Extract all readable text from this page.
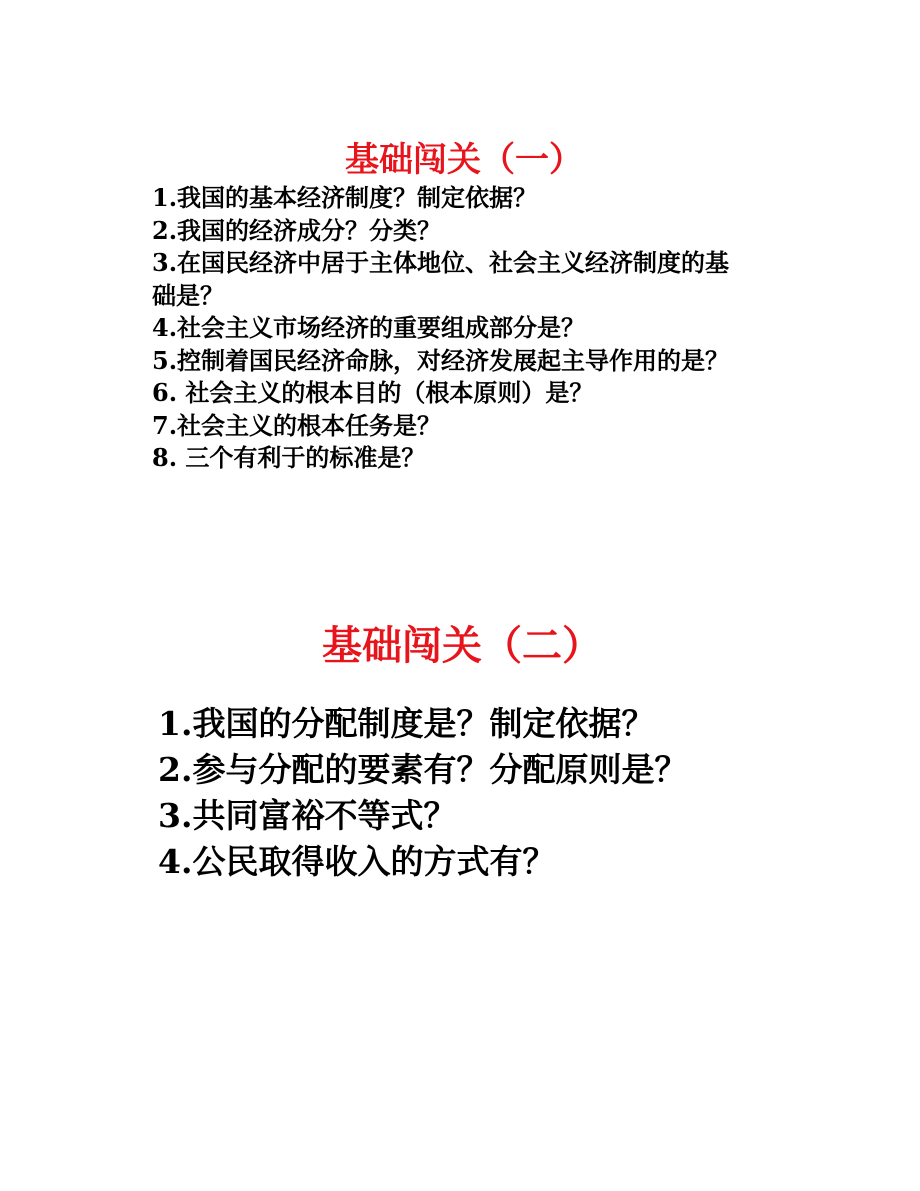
基础闯关（一）
1.我国的基本经济制度？制定依据？
2.我国的经济成分？分类？
3.在国民经济中居于主体地位、社会主义经济制度的基础是？
4.社会主义市场经济的重要组成部分是？
5.控制着国民经济命脉，对经济发展起主导作用的是？
6. 社会主义的根本目的（根本原则）是？
7.社会主义的根本任务是？
8. 三个有利于的标准是？
基础闯关（二）
1.我国的分配制度是？制定依据？
2.参与分配的要素有？分配原则是？
3.共同富裕不等式？
4.公民取得收入的方式有？
